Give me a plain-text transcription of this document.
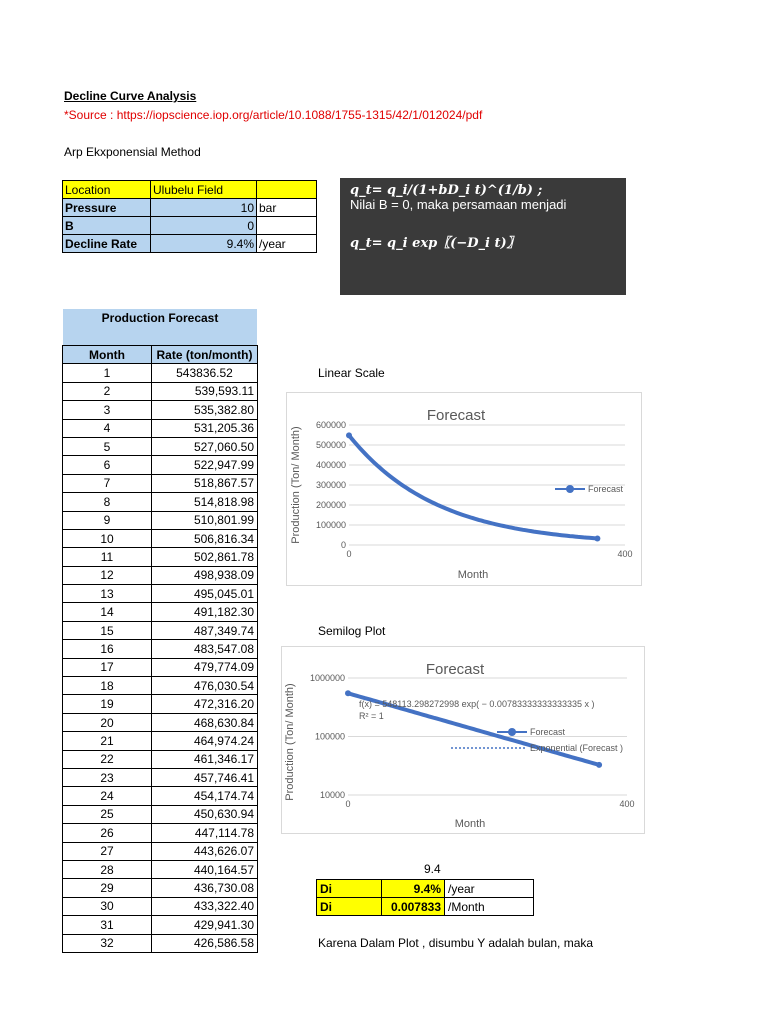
Decline Curve Analysis
*Source : https://iopscience.iop.org/article/10.1088/1755-1315/42/1/012024/pdf
Arp Ekxponensial Method
Location	Ulubelu Field	
Pressure	10	bar
B	0	
Decline Rate	9.4%	/year
q_t= q_i/(1+bD_i t)^(1/b) ;
Nilai B = 0, maka persamaan menjadi
q_t= q_i exp〖(−D_i t)〗
Production Forecast
Month	Rate (ton/month)
1	543836.52
2	539,593.11
3	535,382.80
4	531,205.36
5	527,060.50
6	522,947.99
7	518,867.57
8	514,818.98
9	510,801.99
10	506,816.34
11	502,861.78
12	498,938.09
13	495,045.01
14	491,182.30
15	487,349.74
16	483,547.08
17	479,774.09
18	476,030.54
19	472,316.20
20	468,630.84
21	464,974.24
22	461,346.17
23	457,746.41
24	454,174.74
25	450,630.94
26	447,114.78
27	443,626.07
28	440,164.57
29	436,730.08
30	433,322.40
31	429,941.30
32	426,586.58
Linear Scale
Forecast
0
100000
200000
300000
400000
500000
600000
0	400
Month
Production (Ton/ Month)	Forecast
Semilog Plot
Forecast
10000
100000
1000000
0	400
Month
Production (Ton/ Month)	Forecast
Exponential (Forecast )
f(x) = 548113.298272998 exp( − 0.00783333333333335 x )
R² = 1
9.4
Di	9.4%	/year
Di	0.007833	/Month
Karena Dalam Plot , disumbu Y adalah bulan, maka
